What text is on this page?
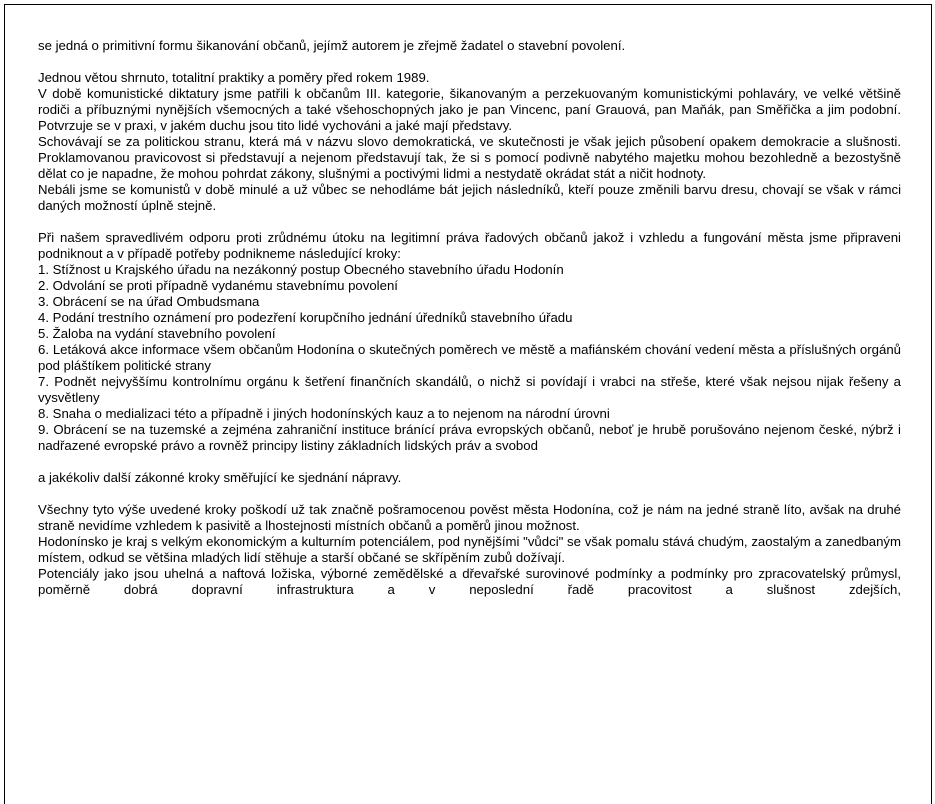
se jedná o primitivní formu šikanování občanů, jejímž autorem je zřejmě žadatel o stavební povolení.

Jednou větou shrnuto, totalitní praktiky a poměry před rokem 1989.

V době komunistické diktatury jsme patřili k občanům III. kategorie, šikanovaným a perzekuovaným komunistickými pohlaváry, ve velké většině rodiči a příbuznými nynějších všemocných a také všehoschopných jako je pan Vincenc, paní Grauová, pan Maňák, pan Směřička a jim podobní. Potvrzuje se v praxi, v jakém duchu jsou tito lidé vychováni a jaké mají představy.

Schovávají se za politickou stranu, která má v názvu slovo demokratická, ve skutečnosti je však jejich působení opakem demokracie a slušnosti. Proklamovanou pravicovost si představují a nejenom představují tak, že si s pomocí podivně nabytého majetku mohou bezohledně a bezostyšně dělat co je napadne, že mohou pohrdat zákony, slušnými a poctivými lidmi a nestydatě okrádat stát a ničit hodnoty.

Nebáli jsme se komunistů v době minulé a už vůbec se nehodláme bát jejich následníků, kteří pouze změnili barvu dresu, chovají se však v rámci daných možností úplně stejně.

Při našem spravedlivém odporu proti zrůdnému útoku na legitimní práva řadových občanů jakož i vzhledu a fungování města jsme připraveni podniknout a v případě potřeby podnikneme následující kroky:

1. Stížnost u Krajského úřadu na nezákonný postup Obecného stavebního úřadu Hodonín

2. Odvolání se proti případně vydanému stavebnímu povolení

3. Obrácení se na úřad Ombudsmana

4. Podání trestního oznámení pro podezření korupčního jednání úředníků stavebního úřadu

5. Žaloba na vydání stavebního povolení

6. Letáková akce informace všem občanům Hodonína o skutečných poměrech ve městě a mafiánském chování vedení města a příslušných orgánů pod pláštíkem politické strany

7. Podnět nejvyššímu kontrolnímu orgánu k šetření finančních skandálů, o nichž si povídají i vrabci na střeše, které však nejsou nijak řešeny a vysvětleny

8. Snaha o medializaci této a případně i jiných hodonínských kauz a to nejenom na národní úrovni

9. Obrácení se na tuzemské a zejména zahraniční instituce bránící práva evropských občanů, neboť je hrubě porušováno nejenom české, nýbrž i nadřazené evropské právo a rovněž principy listiny základních lidských práv a svobod

a jakékoliv další zákonné kroky směřující ke sjednání nápravy.

Všechny tyto výše uvedené kroky poškodí už tak značně pošramocenou pověst města Hodonína, což je nám na jedné straně líto, avšak na druhé straně nevidíme vzhledem k pasivitě a lhostejnosti místních občanů a poměrů jinou možnost.

Hodonínsko je kraj s velkým ekonomickým a kulturním potenciálem, pod nynějšími "vůdci" se však pomalu stává chudým, zaostalým a zanedbaným místem, odkud se většina mladých lidí stěhuje a starší občané se skřípěním zubů dožívají.

Potenciály jako jsou uhelná a naftová ložiska, výborné zemědělské a dřevařské surovinové podmínky a podmínky pro zpracovatelský průmysl, poměrně dobrá dopravní infrastruktura a v neposlední řadě pracovitost a slušnost zdejších,
